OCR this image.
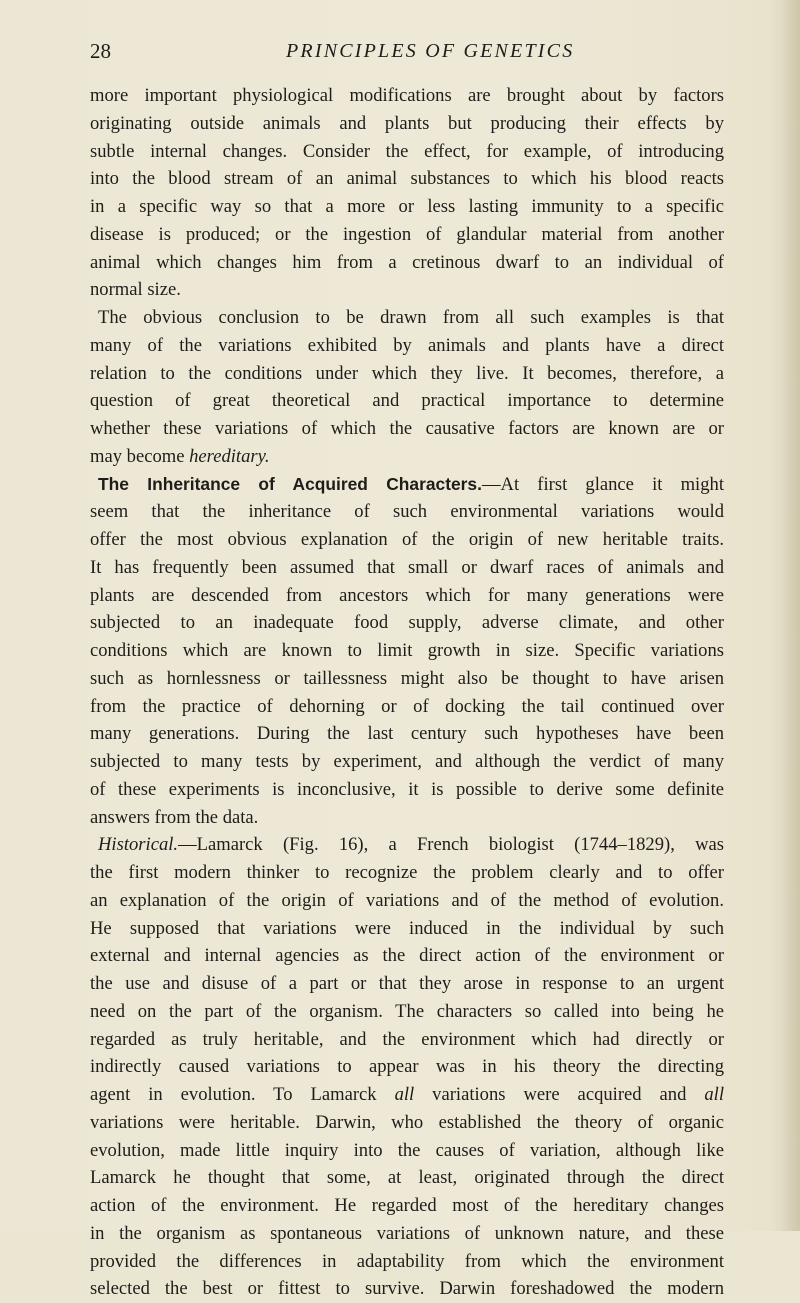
28	PRINCIPLES OF GENETICS
more important physiological modifications are brought about by factors
originating outside animals and plants but producing their effects by
subtle internal changes. Consider the effect, for example, of introducing
into the blood stream of an animal substances to which his blood reacts
in a specific way so that a more or less lasting immunity to a specific
disease is produced; or the ingestion of glandular material from another
animal which changes him from a cretinous dwarf to an individual of
normal size.
The obvious conclusion to be drawn from all such examples is that
many of the variations exhibited by animals and plants have a direct
relation to the conditions under which they live. It becomes, therefore, a
question of great theoretical and practical importance to determine
whether these variations of which the causative factors are known are or
may become hereditary.
The Inheritance of Acquired Characters.—At first glance it might
seem that the inheritance of such environmental variations would
offer the most obvious explanation of the origin of new heritable traits.
It has frequently been assumed that small or dwarf races of animals and
plants are descended from ancestors which for many generations were
subjected to an inadequate food supply, adverse climate, and other
conditions which are known to limit growth in size. Specific variations
such as hornlessness or taillessness might also be thought to have arisen
from the practice of dehorning or of docking the tail continued over
many generations. During the last century such hypotheses have been
subjected to many tests by experiment, and although the verdict of many
of these experiments is inconclusive, it is possible to derive some definite
answers from the data.
Historical.—Lamarck (Fig. 16), a French biologist (1744–1829), was
the first modern thinker to recognize the problem clearly and to offer
an explanation of the origin of variations and of the method of evolution.
He supposed that variations were induced in the individual by such
external and internal agencies as the direct action of the environment or
the use and disuse of a part or that they arose in response to an urgent
need on the part of the organism. The characters so called into being he
regarded as truly heritable, and the environment which had directly or
indirectly caused variations to appear was in his theory the directing
agent in evolution. To Lamarck all variations were acquired and all
variations were heritable. Darwin, who established the theory of organic
evolution, made little inquiry into the causes of variation, although like
Lamarck he thought that some, at least, originated through the direct
action of the environment. He regarded most of the hereditary changes
in the organism as spontaneous variations of unknown nature, and these
provided the differences in adaptability from which the environment
selected the best or fittest to survive. Darwin foreshadowed the modern
